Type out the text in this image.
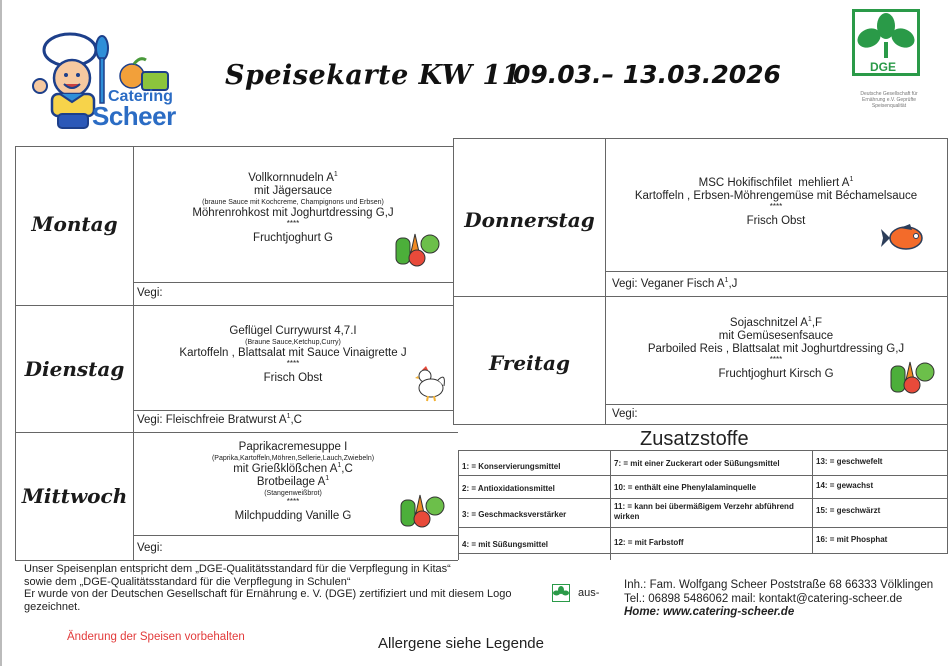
Catering
Scheer
Speisekarte KW 11
09.03.– 13.03.2026	DGE
Deutsche Gesellschaft für Ernährung e.V. Geprüfte Speisenqualität
Montag
Dienstag
Mittwoch
Donnerstag
Freitag
Vollkornnudeln $A^1$
mit Jägersauce
(braune Sauce mit Kochcreme, Champignons und Erbsen)
Möhrenrohkost mit Joghurtdressing G,J
****
Fruchtjoghurt G
Vegi:
Geflügel Currywurst 4,7.I
(Braune Sauce,Ketchup,Curry)
Kartoffeln , Blattsalat mit Sauce Vinaigrette J
****
Frisch Obst
Vegi: Fleischfreie Bratwurst $A^1,C$
Paprikacremesuppe I
(Paprika,Kartoffeln,Möhren,Sellerie,Lauch,Zwiebeln)
mit Grießklößchen $A^1,C$
Brotbeilage $A^1$
(Stangenweißbrot)
****
Milchpudding Vanille G
Vegi:
MSC Hokifischfilet  mehliert $A^1$
Kartoffeln , Erbsen-Möhrengemüse mit Béchamelsauce
****
Frisch Obst
Vegi: Veganer Fisch $A^1,J$
Sojaschnitzel $A^1,F$
mit Gemüsesenfsauce
Parboiled Reis , Blattsalat mit Joghurtdressing G,J
****
Fruchtjoghurt Kirsch G
Vegi:
Zusatzstoffe
1: = Konservierungsmittel
2: = Antioxidationsmittel
3: = Geschmacksverstärker
4: = mit Süßungsmittel
7: = mit einer Zuckerart oder Süßungsmittel
10: = enthält eine Phenylalaminquelle
11: = kann bei übermäßigem Verzehr abführend wirken
12: = mit Farbstoff
13: = geschwefelt
14: = gewachst
15: = geschwärzt
16: = mit Phosphat
Unser Speisenplan entspricht dem „DGE-Qualitätsstandard für die Verpflegung in Kitas“
sowie dem „DGE-Qualitätsstandard für die Verpflegung in Schulen“
Er wurde von der Deutschen Gesellschaft für Ernährung e. V. (DGE) zertifiziert und mit diesem Logo
gezeichnet.
aus-
Inh.: Fam. Wolfgang Scheer Poststraße 68 66333 Völklingen
Tel.: 06898 5486062 mail: kontakt@catering-scheer.de
Home: www.catering-scheer.de
Änderung der Speisen vorbehalten	Allergene siehe Legende
